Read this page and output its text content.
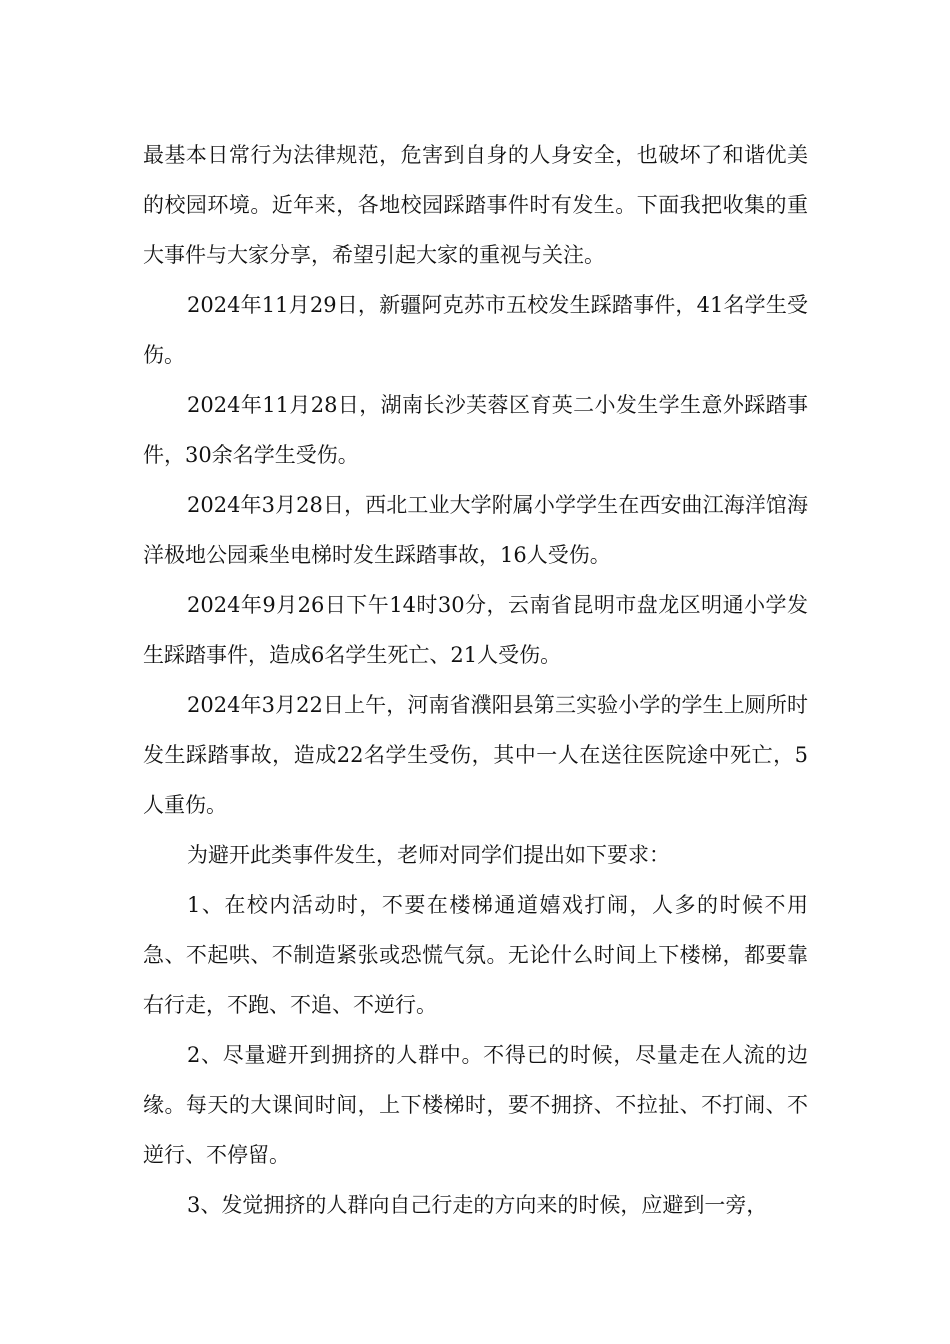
最基本日常行为法律规范，危害到自身的人身安全，也破坏了和谐优美的校园环境。近年来，各地校园踩踏事件时有发生。下面我把收集的重大事件与大家分享，希望引起大家的重视与关注。

2024年11月29日，新疆阿克苏市五校发生踩踏事件，41名学生受伤。

2024年11月28日，湖南长沙芙蓉区育英二小发生学生意外踩踏事件，30余名学生受伤。

2024年3月28日，西北工业大学附属小学学生在西安曲江海洋馆海洋极地公园乘坐电梯时发生踩踏事故，16人受伤。

2024年9月26日下午14时30分，云南省昆明市盘龙区明通小学发生踩踏事件，造成6名学生死亡、21人受伤。

2024年3月22日上午，河南省濮阳县第三实验小学的学生上厕所时发生踩踏事故，造成22名学生受伤，其中一人在送往医院途中死亡，5人重伤。

为避开此类事件发生，老师对同学们提出如下要求：

1、在校内活动时，不要在楼梯通道嬉戏打闹，人多的时候不用急、不起哄、不制造紧张或恐慌气氛。无论什么时间上下楼梯，都要靠右行走，不跑、不追、不逆行。

2、尽量避开到拥挤的人群中。不得已的时候，尽量走在人流的边缘。每天的大课间时间，上下楼梯时，要不拥挤、不拉扯、不打闹、不逆行、不停留。

3、发觉拥挤的人群向自己行走的方向来的时候，应避到一旁，
